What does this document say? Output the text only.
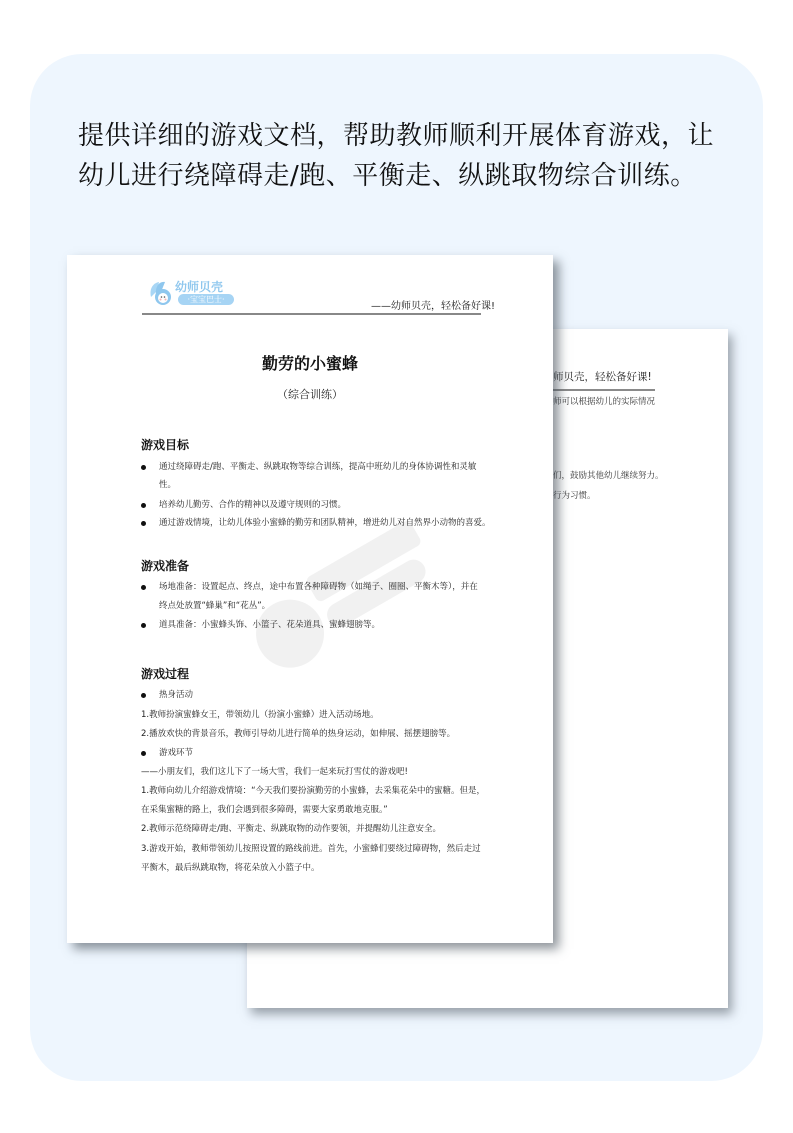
提供详细的游戏文档，帮助教师顺利开展体育游戏，让
幼儿进行绕障碍走/跑、平衡走、纵跳取物综合训练。
师贝壳，轻松备好课!
师可以根据幼儿的实际情况
们，鼓励其他幼儿继续努力。
行为习惯。
幼师贝壳
·宝宝巴士·
——幼师贝壳，轻松备好课!
勤劳的小蜜蜂
（综合训练）
游戏目标
通过绕障碍走/跑、平衡走、纵跳取物等综合训练，提高中班幼儿的身体协调性和灵敏
性。
培养幼儿勤劳、合作的精神以及遵守规则的习惯。
通过游戏情境，让幼儿体验小蜜蜂的勤劳和团队精神，增进幼儿对自然界小动物的喜爱。
游戏准备
场地准备：设置起点、终点，途中布置各种障碍物（如绳子、圈圈、平衡木等），并在
终点处放置“蜂巢”和“花丛”。
道具准备：小蜜蜂头饰、小篮子、花朵道具、蜜蜂翅膀等。
游戏过程
热身活动
1.教师扮演蜜蜂女王，带领幼儿（扮演小蜜蜂）进入活动场地。
2.播放欢快的背景音乐，教师引导幼儿进行简单的热身运动，如伸展、摇摆翅膀等。
游戏环节
——小朋友们，我们这儿下了一场大雪，我们一起来玩打雪仗的游戏吧!
1.教师向幼儿介绍游戏情境：“今天我们要扮演勤劳的小蜜蜂，去采集花朵中的蜜糖。但是，
在采集蜜糖的路上，我们会遇到很多障碍，需要大家勇敢地克服。”
2.教师示范绕障碍走/跑、平衡走、纵跳取物的动作要领，并提醒幼儿注意安全。
3.游戏开始，教师带领幼儿按照设置的路线前进。首先，小蜜蜂们要绕过障碍物，然后走过
平衡木，最后纵跳取物，将花朵放入小篮子中。
